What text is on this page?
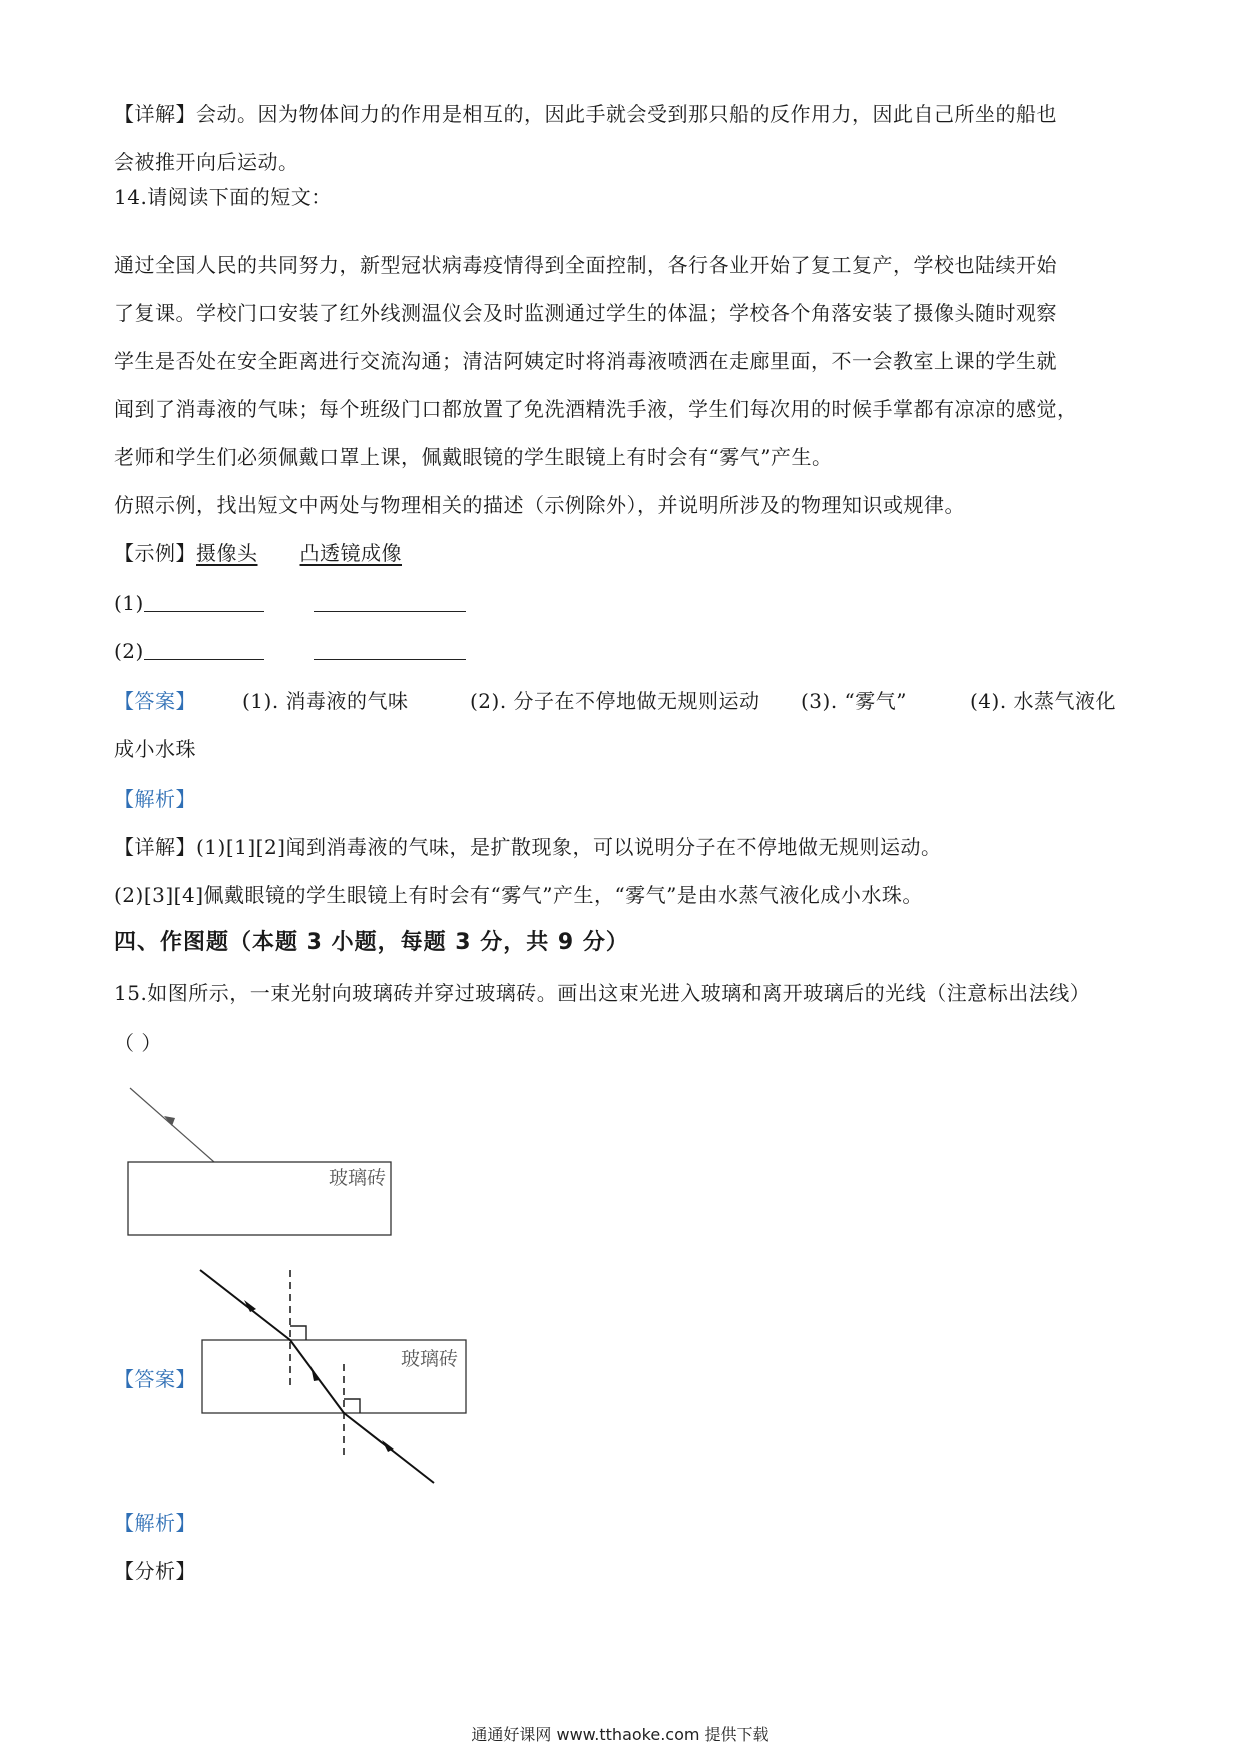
【详解】会动。因为物体间力的作用是相互的，因此手就会受到那只船的反作用力，因此自己所坐的船也
会被推开向后运动。
14.请阅读下面的短文：
通过全国人民的共同努力，新型冠状病毒疫情得到全面控制，各行各业开始了复工复产，学校也陆续开始
了复课。学校门口安装了红外线测温仪会及时监测通过学生的体温；学校各个角落安装了摄像头随时观察
学生是否处在安全距离进行交流沟通；清洁阿姨定时将消毒液喷洒在走廊里面，不一会教室上课的学生就
闻到了消毒液的气味；每个班级门口都放置了免洗酒精洗手液，学生们每次用的时候手掌都有凉凉的感觉，
老师和学生们必须佩戴口罩上课，佩戴眼镜的学生眼镜上有时会有“雾气”产生。
仿照示例，找出短文中两处与物理相关的描述（示例除外），并说明所涉及的物理知识或规律。
【示例】摄像头 凸透镜成像
(1)
(2)
【答案】 (1). 消毒液的气味	(2). 分子在不停地做无规则运动 (3). “雾气”	(4). 水蒸气液化
成小水珠
【解析】
【详解】(1)[1][2]闻到消毒液的气味，是扩散现象，可以说明分子在不停地做无规则运动。
(2)[3][4]佩戴眼镜的学生眼镜上有时会有“雾气”产生，“雾气”是由水蒸气液化成小水珠。
四、作图题（本题 3 小题，每题 3 分，共 9 分）
15.如图所示，一束光射向玻璃砖并穿过玻璃砖。画出这束光进入玻璃和离开玻璃后的光线（注意标出法线）
（ ）
玻璃砖
【答案】
玻璃砖
【解析】
【分析】
通通好课网 www.tthaoke.com 提供下载
